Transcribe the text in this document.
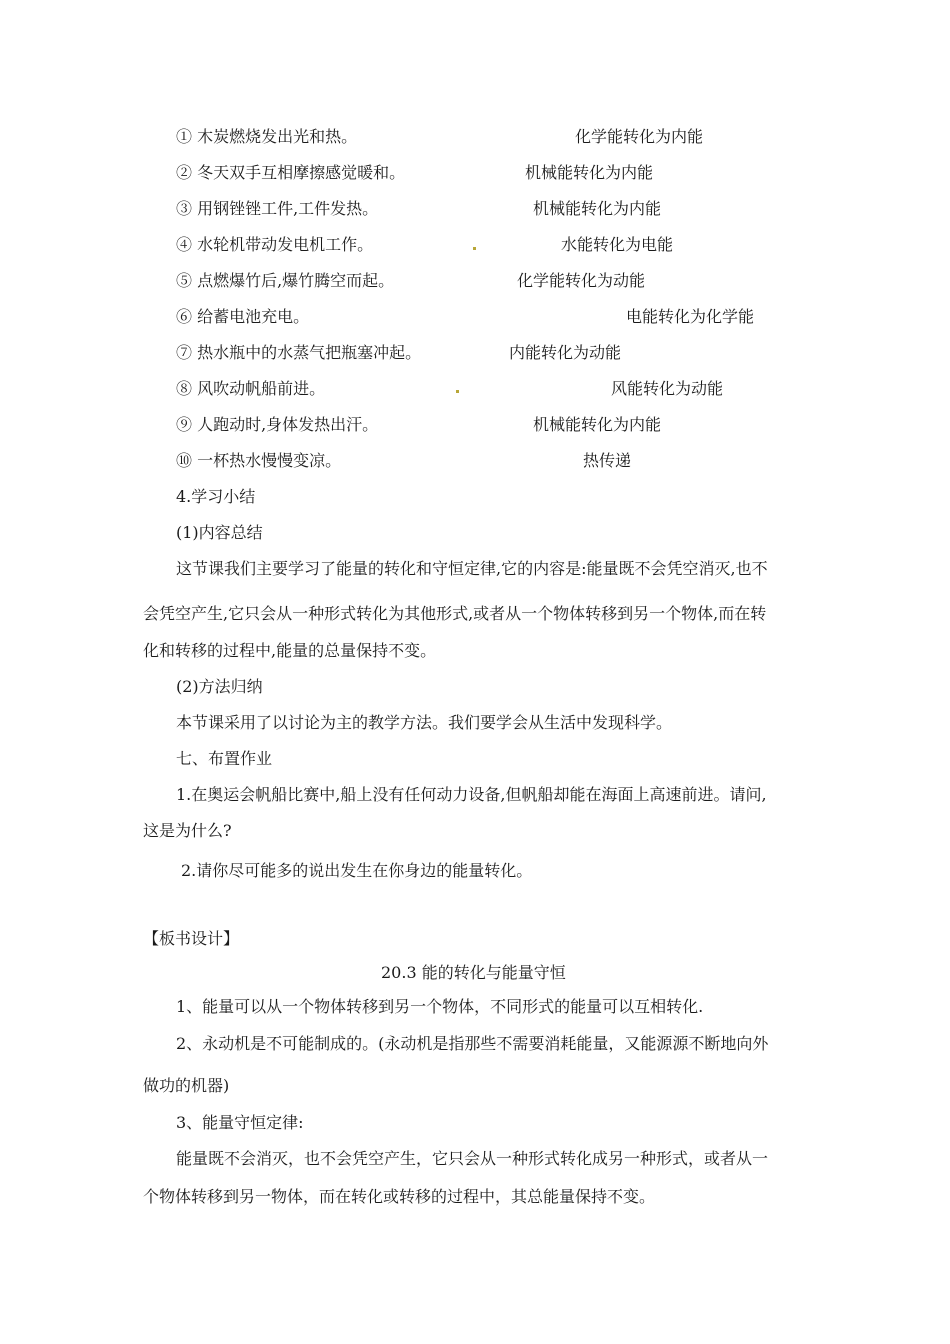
① 木炭燃烧发出光和热。	化学能转化为内能
② 冬天双手互相摩擦感觉暖和。	机械能转化为内能
③ 用钢锉锉工件,工件发热。	机械能转化为内能
④ 水轮机带动发电机工作。	水能转化为电能
⑤ 点燃爆竹后,爆竹腾空而起。	化学能转化为动能
⑥ 给蓄电池充电。	电能转化为化学能
⑦ 热水瓶中的水蒸气把瓶塞冲起。	内能转化为动能
⑧ 风吹动帆船前进。	风能转化为动能
⑨ 人跑动时,身体发热出汗。	机械能转化为内能
⑩ 一杯热水慢慢变凉。	热传递
4.学习小结
(1)内容总结
这节课我们主要学习了能量的转化和守恒定律,它的内容是:能量既不会凭空消灭,也不
会凭空产生,它只会从一种形式转化为其他形式,或者从一个物体转移到另一个物体,而在转
化和转移的过程中,能量的总量保持不变。
(2)方法归纳
本节课采用了以讨论为主的教学方法。我们要学会从生活中发现科学。
七、布置作业
1.在奥运会帆船比赛中,船上没有任何动力设备,但帆船却能在海面上高速前进。请问,
这是为什么?
2.请你尽可能多的说出发生在你身边的能量转化。
【板书设计】
20.3 能的转化与能量守恒
1、能量可以从一个物体转移到另一个物体，不同形式的能量可以互相转化.
2、永动机是不可能制成的。(永动机是指那些不需要消耗能量，又能源源不断地向外
做功的机器)
3、能量守恒定律:
能量既不会消灭，也不会凭空产生，它只会从一种形式转化成另一种形式，或者从一
个物体转移到另一物体，而在转化或转移的过程中，其总能量保持不变。
